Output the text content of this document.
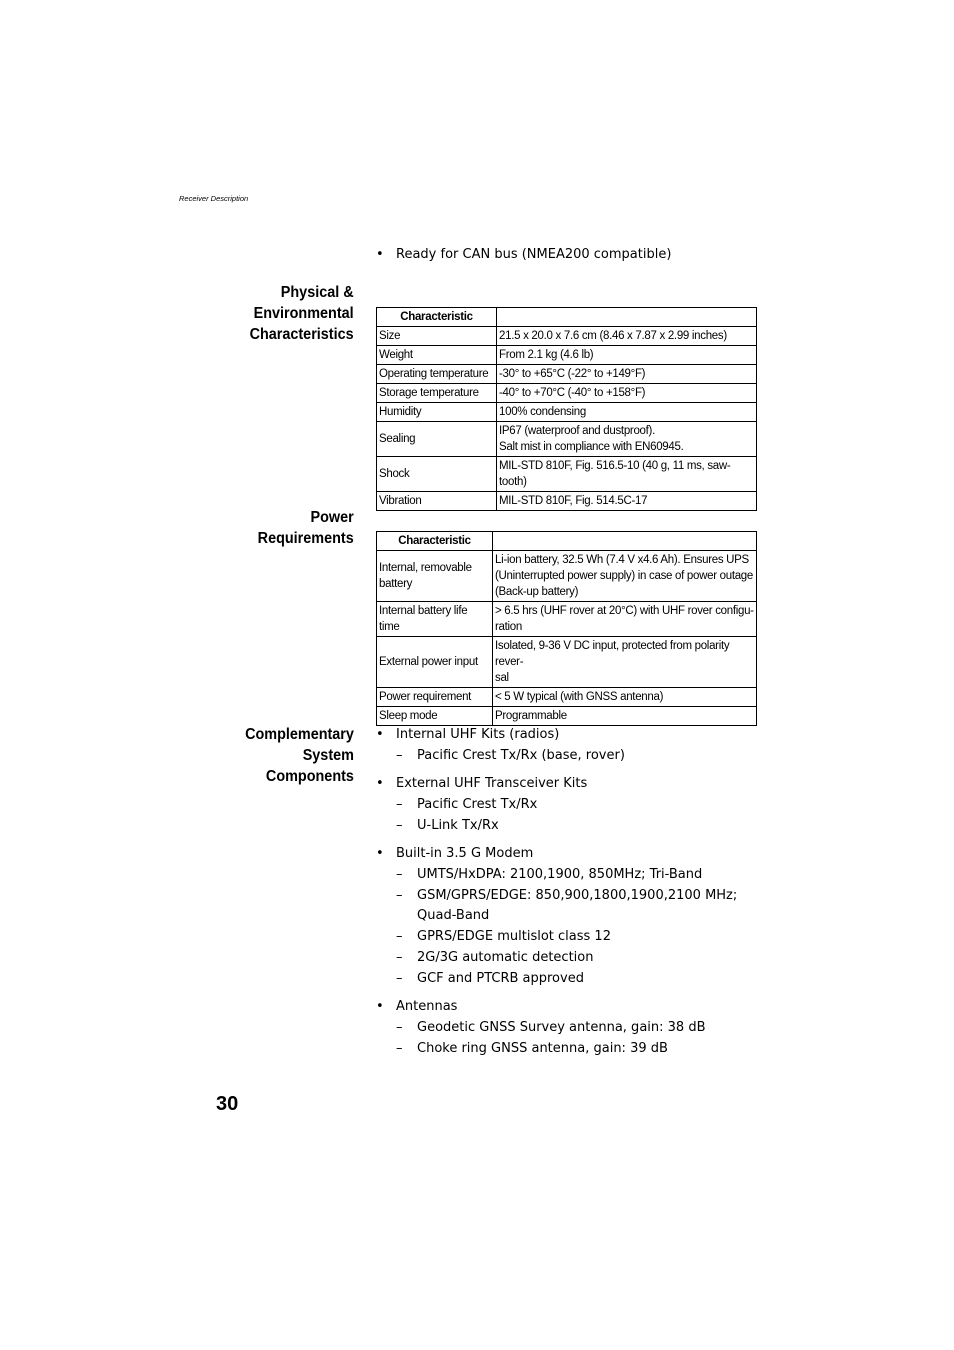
Receiver Description
• Ready for CAN bus (NMEA200 compatible)
Physical &
Environmental
Characteristics
Characteristic	
Size	21.5 x 20.0 x 7.6 cm (8.46 x 7.87 x 2.99 inches)
Weight	From 2.1 kg (4.6 lb)
Operating temperature	-30° to +65°C (-22° to +149°F)
Storage temperature	-40° to +70°C (-40° to +158°F)
Humidity	100% condensing
Sealing	IP67 (waterproof and dustproof).
Salt mist in compliance with EN60945.
Shock	MIL-STD 810F, Fig. 516.5-10 (40 g, 11 ms, saw-tooth)
Vibration	MIL-STD 810F, Fig. 514.5C-17
Power
Requirements	Characteristic	
Internal, removable
battery	Li-ion battery, 32.5 Wh (7.4 V x4.6 Ah). Ensures UPS
(Uninterrupted power supply) in case of power outage
(Back-up battery)
Internal battery life time	> 6.5 hrs (UHF rover at 20°C) with UHF rover configu-
ration
External power input	Isolated, 9-36 V DC input, protected from polarity rever-
sal
Power requirement	< 5 W typical (with GNSS antenna)
Sleep mode	Programmable
Complementary
System
Components
• Internal UHF Kits (radios)
– Pacific Crest Tx/Rx (base, rover)
• External UHF Transceiver Kits
– Pacific Crest Tx/Rx
– U-Link Tx/Rx
• Built-in 3.5 G Modem
– UMTS/HxDPA: 2100,1900, 850MHz; Tri-Band
– GSM/GPRS/EDGE: 850,900,1800,1900,2100 MHz; Quad-Band
– GPRS/EDGE multislot class 12
– 2G/3G automatic detection
– GCF and PTCRB approved
• Antennas
– Geodetic GNSS Survey antenna, gain: 38 dB
– Choke ring GNSS antenna, gain: 39 dB
30
